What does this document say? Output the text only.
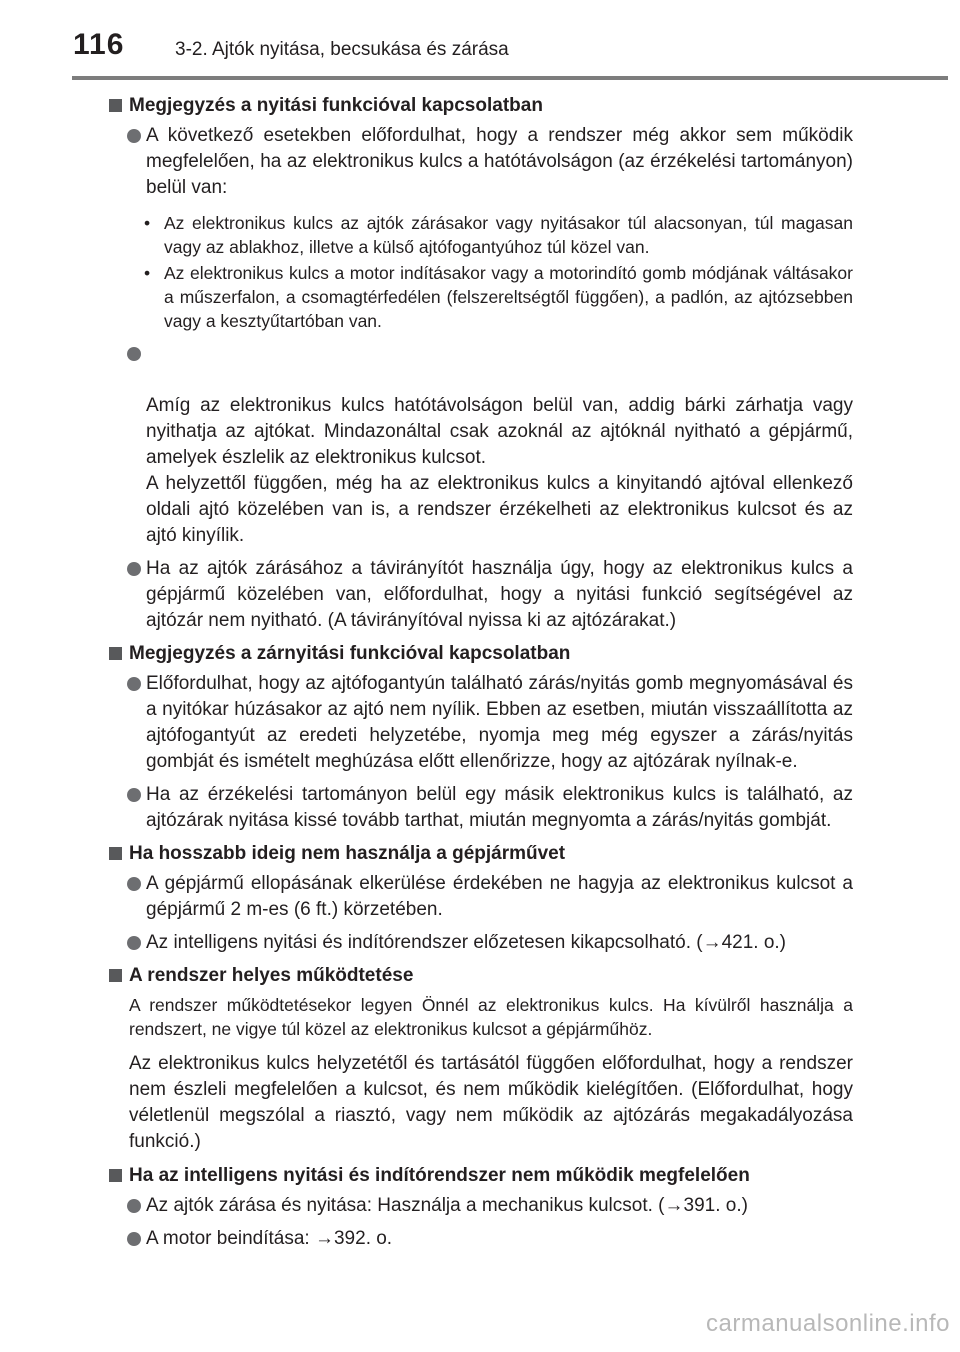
116	3-2. Ajtók nyitása, becsukása és zárása
Megjegyzés a nyitási funkcióval kapcsolatban
A következő esetekben előfordulhat, hogy a rendszer még akkor sem működik megfelelően, ha az elektronikus kulcs a hatótávolságon (az érzékelési tartományon) belül van:
• Az elektronikus kulcs az ajtók zárásakor vagy nyitásakor túl alacsonyan, túl magasan vagy az ablakhoz, illetve a külső ajtófogantyúhoz túl közel van.
• Az elektronikus kulcs a motor indításakor vagy a motorindító gomb módjának váltásakor a műszerfalon, a csomagtérfedélen (felszereltségtől függően), a padlón, az ajtózsebben vagy a kesztyűtartóban van.

Amíg az elektronikus kulcs hatótávolságon belül van, addig bárki zárhatja vagy nyithatja az ajtókat. Mindazonáltal csak azoknál az ajtóknál nyitható a gépjármű, amelyek észlelik az elektronikus kulcsot.
A helyzettől függően, még ha az elektronikus kulcs a kinyitandó ajtóval ellenkező oldali ajtó közelében van is, a rendszer érzékelheti az elektronikus kulcsot és az ajtó kinyílik.

Ha az ajtók zárásához a távirányítót használja úgy, hogy az elektronikus kulcs a gépjármű közelében van, előfordulhat, hogy a nyitási funkció segítségével az ajtózár nem nyitható. (A távirányítóval nyissa ki az ajtózárakat.)
Megjegyzés a zárnyitási funkcióval kapcsolatban
Előfordulhat, hogy az ajtófogantyún található zárás/nyitás gomb megnyomásával és a nyitókar húzásakor az ajtó nem nyílik. Ebben az esetben, miután visszaállította az ajtófogantyút az eredeti helyzetébe, nyomja meg még egyszer a zárás/nyitás gombját és ismételt meghúzása előtt ellenőrizze, hogy az ajtózárak nyílnak-e.
Ha az érzékelési tartományon belül egy másik elektronikus kulcs is található, az ajtózárak nyitása kissé tovább tarthat, miután megnyomta a zárás/nyitás gombját.
Ha hosszabb ideig nem használja a gépjárművet
A gépjármű ellopásának elkerülése érdekében ne hagyja az elektronikus kulcsot a gépjármű 2 m-es (6 ft.) körzetében.
Az intelligens nyitási és indítórendszer előzetesen kikapcsolható. (→421. o.)
A rendszer helyes működtetése
A rendszer működtetésekor legyen Önnél az elektronikus kulcs. Ha kívülről használja a rendszert, ne vigye túl közel az elektronikus kulcsot a gépjárműhöz.
Az elektronikus kulcs helyzetétől és tartásától függően előfordulhat, hogy a rendszer nem észleli megfelelően a kulcsot, és nem működik kielégítően. (Előfordulhat, hogy véletlenül megszólal a riasztó, vagy nem működik az ajtózárás megakadályozása funkció.)
Ha az intelligens nyitási és indítórendszer nem működik megfelelően
Az ajtók zárása és nyitása: Használja a mechanikus kulcsot. (→391. o.)
A motor beindítása: →392. o.
carmanualsonline.info
